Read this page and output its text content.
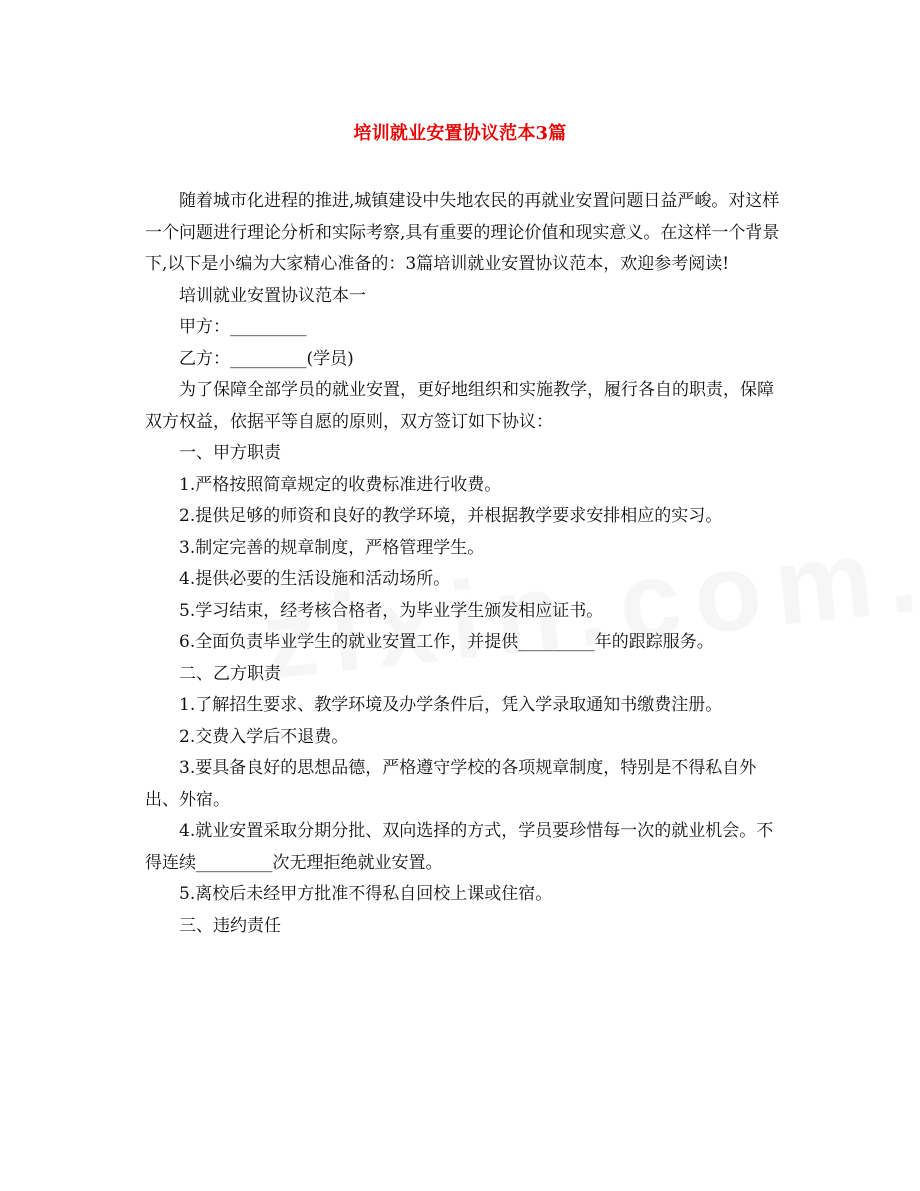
培训就业安置协议范本3篇

随着城市化进程的推进,城镇建设中失地农民的再就业安置问题日益严峻。对这样一个问题进行理论分析和实际考察,具有重要的理论价值和现实意义。在这样一个背景下,以下是小编为大家精心准备的：3篇培训就业安置协议范本，欢迎参考阅读!

培训就业安置协议范本一

甲方：_________

乙方：_________(学员)

为了保障全部学员的就业安置，更好地组织和实施教学，履行各自的职责，保障双方权益，依据平等自愿的原则，双方签订如下协议：

一、甲方职责

1.严格按照简章规定的收费标准进行收费。

2.提供足够的师资和良好的教学环境，并根据教学要求安排相应的实习。

3.制定完善的规章制度，严格管理学生。

4.提供必要的生活设施和活动场所。

5.学习结束，经考核合格者，为毕业学生颁发相应证书。

6.全面负责毕业学生的就业安置工作，并提供_________年的跟踪服务。

二、乙方职责

1.了解招生要求、教学环境及办学条件后，凭入学录取通知书缴费注册。

2.交费入学后不退费。

3.要具备良好的思想品德，严格遵守学校的各项规章制度，特别是不得私自外出、外宿。

4.就业安置采取分期分批、双向选择的方式，学员要珍惜每一次的就业机会。不得连续_________次无理拒绝就业安置。

5.离校后未经甲方批准不得私自回校上课或住宿。

三、违约责任
